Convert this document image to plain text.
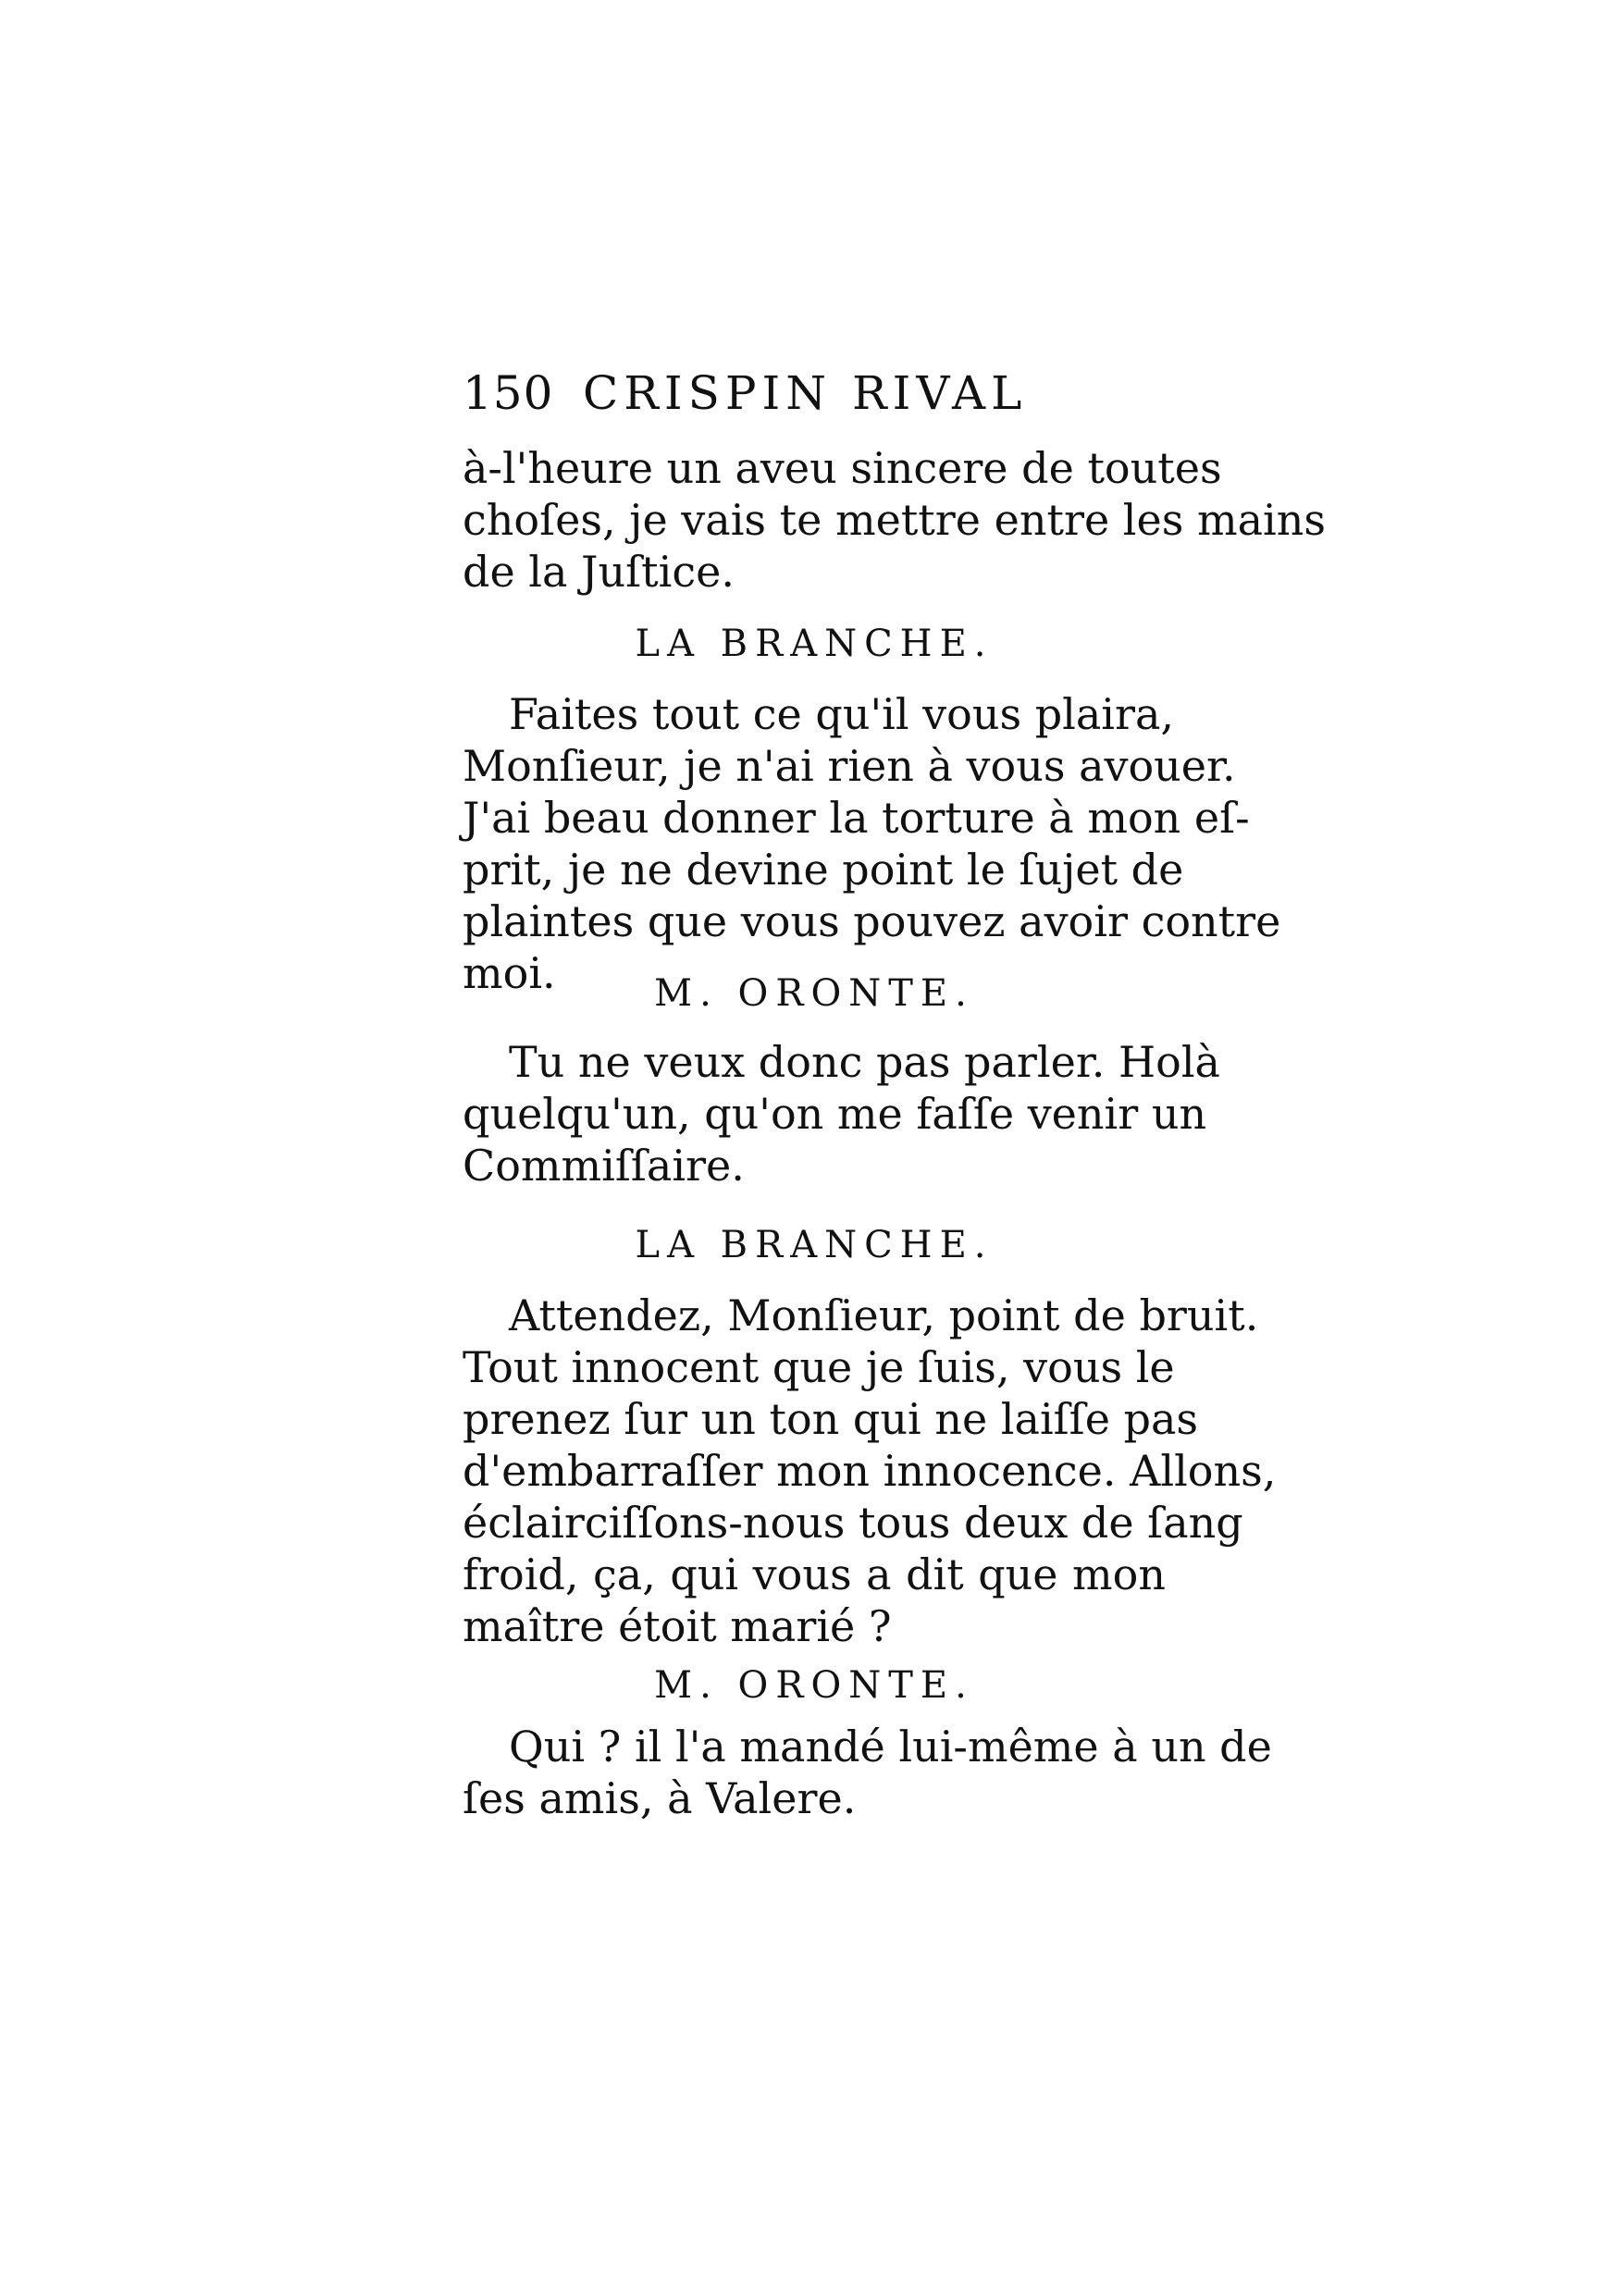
150 CRISPIN RIVAL
à-l'heure un aveu sincere de toutes
choſes, je vais te mettre entre les mains
de la Juſtice.
LA BRANCHE.
Faites tout ce qu'il vous plaira,
Monſieur, je n'ai rien à vous avouer.
J'ai beau donner la torture à mon eſ-
prit, je ne devine point le ſujet de
plaintes que vous pouvez avoir contre
moi.	M. ORONTE.
Tu ne veux donc pas parler. Holà
quelqu'un, qu'on me faſſe venir un
Commiſſaire.
LA BRANCHE.
Attendez, Monſieur, point de bruit.
Tout innocent que je ſuis, vous le
prenez ſur un ton qui ne laiſſe pas
d'embarraſſer mon innocence. Allons,
éclairciſſons-nous tous deux de ſang
froid, ça, qui vous a dit que mon
maître étoit marié ?
M. ORONTE.
Qui ? il l'a mandé lui-même à un de
ſes amis, à Valere.
